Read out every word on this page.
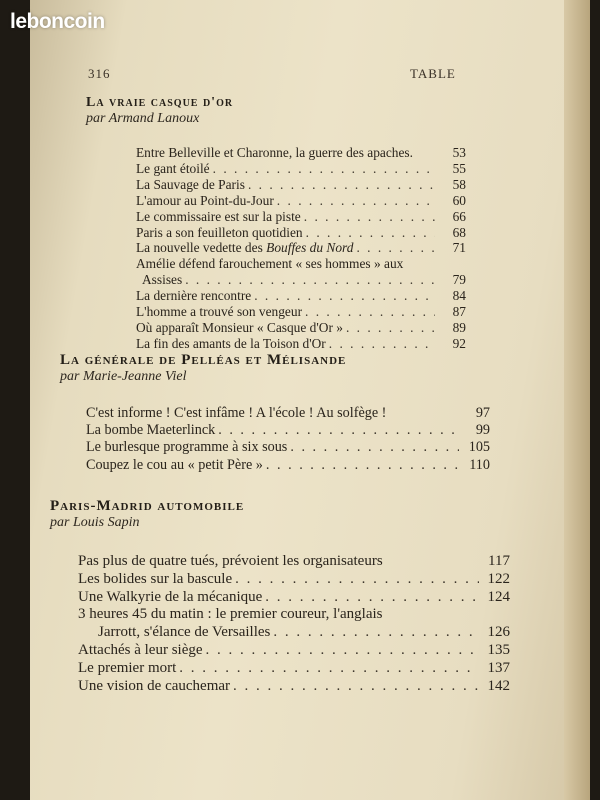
316	TABLE
La vraie casque d'or

par Armand Lanoux

Entre Belleville et Charonne, la guerre des apaches.	53
Le gant étoilé . . .	55
La Sauvage de Paris . . .	58
L'amour au Point-du-Jour . . .	60
Le commissaire est sur la piste . . .	66
Paris a son feuilleton quotidien . . .	68
La nouvelle vedette des Bouffes du Nord . . .	71
Amélie défend farouchement « ses hommes » aux
Assises . . .	79
La dernière rencontre . . .	84
L'homme a trouvé son vengeur . . .	87
Où apparaît Monsieur « Casque d'Or » . . .	89
La fin des amants de la Toison d'Or . . .	92
La générale de Pelléas et Mélisande

par Marie-Jeanne Viel

C'est informe ! C'est infâme ! A l'école ! Au solfège !	97
La bombe Maeterlinck . . .	99
Le burlesque programme à six sous . . .	105
Coupez le cou au « petit Père » . . .	110
Paris-Madrid automobile

par Louis Sapin

Pas plus de quatre tués, prévoient les organisateurs	117
Les bolides sur la bascule . . .	122
Une Walkyrie de la mécanique . . .	124
3 heures 45 du matin : le premier coureur, l'anglais
Jarrott, s'élance de Versailles . . .	126
Attachés à leur siège . . .	135
Le premier mort . . .	137
Une vision de cauchemar . . .	142
leboncoin
